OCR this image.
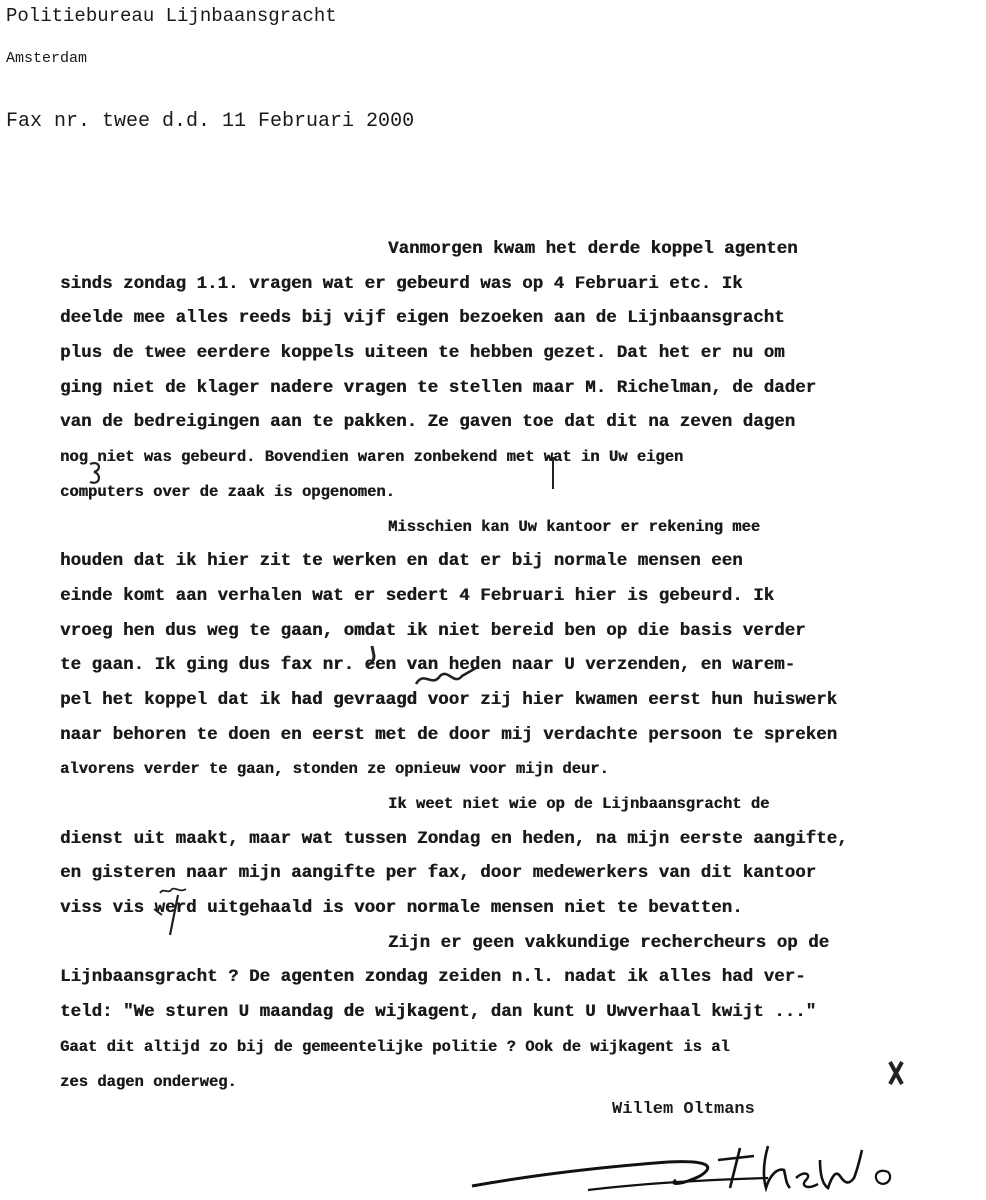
Politiebureau Lijnbaansgracht
Amsterdam
Fax nr. twee d.d. 11 Februari 2000
Vanmorgen kwam het derde koppel agenten
sinds zondag 1.1. vragen wat er gebeurd was op 4 Februari etc. Ik
deelde mee alles reeds bij vijf eigen bezoeken aan de Lijnbaansgracht
plus de twee eerdere koppels uiteen te hebben gezet. Dat het er nu om
ging niet de klager nadere vragen te stellen maar M. Richelman, de dader
van de bedreigingen aan te pakken. Ze gaven toe dat dit na zeven dagen
nog niet was gebeurd. Bovendien waren zonbekend met wat in Uw eigen
computers over de zaak is opgenomen.
Misschien kan Uw kantoor er rekening mee
houden dat ik hier zit te werken en dat er bij normale mensen een
einde komt aan verhalen wat er sedert 4 Februari hier is gebeurd. Ik
vroeg hen dus weg te gaan, omdat ik niet bereid ben op die basis verder
te gaan. Ik ging dus fax nr. een van heden naar U verzenden, en warem-
pel het koppel dat ik had gevraagd voor zij hier kwamen eerst hun huiswerk
naar behoren te doen en eerst met de door mij verdachte persoon te spreken
alvorens verder te gaan, stonden ze opnieuw voor mijn deur.
Ik weet niet wie op de Lijnbaansgracht de
dienst uit maakt, maar wat tussen Zondag en heden, na mijn eerste aangifte,
en gisteren naar mijn aangifte per fax, door medewerkers van dit kantoor
viss vis werd uitgehaald is voor normale mensen niet te bevatten.
Zijn er geen vakkundige rechercheurs op de
Lijnbaansgracht ? De agenten zondag zeiden n.l. nadat ik alles had ver-
teld: "We sturen U maandag de wijkagent, dan kunt U Uwverhaal kwijt ..."
Gaat dit altijd zo bij de gemeentelijke politie ? Ook de wijkagent is al
zes dagen onderweg.
Willem Oltmans
